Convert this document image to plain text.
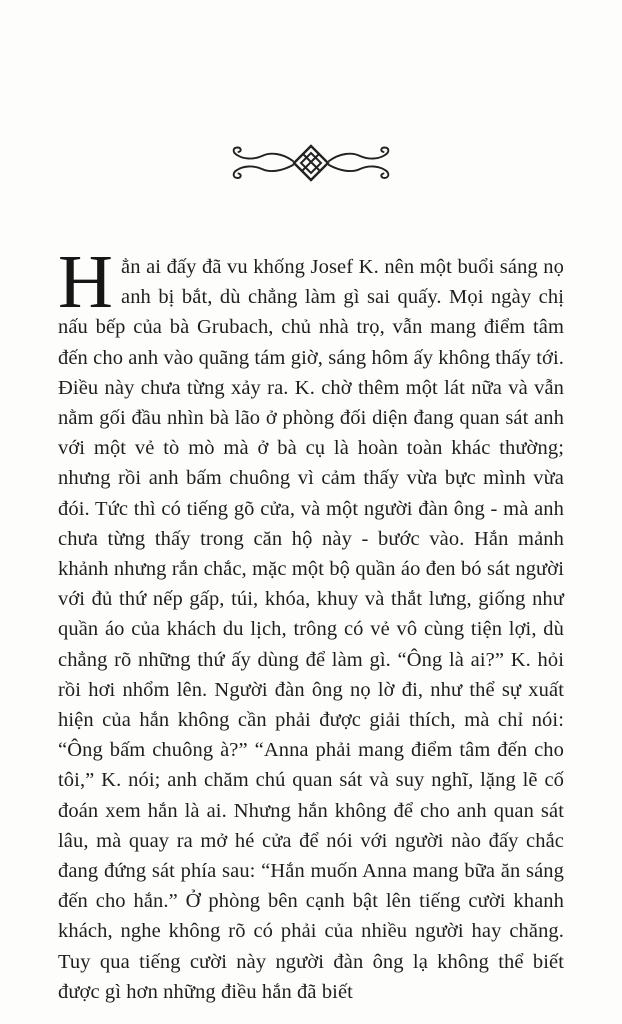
Hẳn ai đấy đã vu khống Josef K. nên một buổi sáng nọ anh bị bắt, dù chẳng làm gì sai quấy. Mọi ngày chị nấu bếp của bà Grubach, chủ nhà trọ, vẫn mang điểm tâm đến cho anh vào quãng tám giờ, sáng hôm ấy không thấy tới. Điều này chưa từng xảy ra. K. chờ thêm một lát nữa và vẫn nằm gối đầu nhìn bà lão ở phòng đối diện đang quan sát anh với một vẻ tò mò mà ở bà cụ là hoàn toàn khác thường; nhưng rồi anh bấm chuông vì cảm thấy vừa bực mình vừa đói. Tức thì có tiếng gõ cửa, và một người đàn ông - mà anh chưa từng thấy trong căn hộ này - bước vào. Hắn mảnh khảnh nhưng rắn chắc, mặc một bộ quần áo đen bó sát người với đủ thứ nếp gấp, túi, khóa, khuy và thắt lưng, giống như quần áo của khách du lịch, trông có vẻ vô cùng tiện lợi, dù chẳng rõ những thứ ấy dùng để làm gì. “Ông là ai?” K. hỏi rồi hơi nhổm lên. Người đàn ông nọ lờ đi, như thể sự xuất hiện của hắn không cần phải được giải thích, mà chỉ nói: “Ông bấm chuông à?” “Anna phải mang điểm tâm đến cho tôi,” K. nói; anh chăm chú quan sát và suy nghĩ, lặng lẽ cố đoán xem hắn là ai. Nhưng hắn không để cho anh quan sát lâu, mà quay ra mở hé cửa để nói với người nào đấy chắc đang đứng sát phía sau: “Hắn muốn Anna mang bữa ăn sáng đến cho hắn.” Ở phòng bên cạnh bật lên tiếng cười khanh khách, nghe không rõ có phải của nhiều người hay chăng. Tuy qua tiếng cười này người đàn ông lạ không thể biết được gì hơn những điều hắn đã biết
